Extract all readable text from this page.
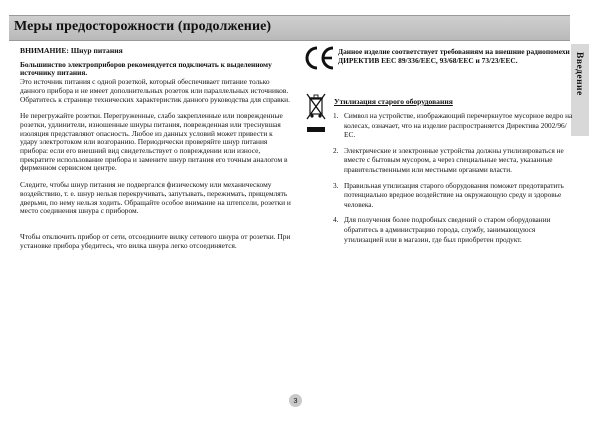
Меры предосторожности (продолжение)
Введение

ВНИМАНИЕ: Шнур питания

Большинство электроприборов рекомендуется подключать к выделенному источнику питания.

Это источник питания с одной розеткой, который обеспечивает питание только данного прибора и не имеет дополнительных розеток или параллельных источников. Обратитесь к странице технических характеристик данного руководства для справки.

Не перегружайте розетки. Перегруженные, слабо закрепленные или поврежденные розетки, удлинители, изношенные шнуры питания, поврежденная или треснувшая изоляция представляют опасность. Любое из данных условий может привести к удару электротоком или возгоранию. Периодически проверяйте шнур питания прибора: если его внешний вид свидетельствует о повреждении или износе, прекратите использование прибора и замените шнур питания его точным аналогом в фирменном сервисном центре.

Следите, чтобы шнур питания не подвергался физическому или механическому воздействию, т. е. шнур нельзя перекручивать, запутывать, пережимать, прищемлять дверьми, по нему нельзя ходить. Обращайте особое внимание на штепсели, розетки и место соединения шнура с прибором.

Чтобы отключить прибор от сети, отсоедините вилку сетевого шнура от розетки. При установке прибора убедитесь, что вилка шнура легко отсоединяется.

Данное изделие соответствует требованиям на внешние радиопомехи ДИРЕКТИВ ЕЕС 89/336/ЕЕС, 93/68/ЕЕС и 73/23/ЕЕС.
Утилизация старого оборудования
1. Символ на устройстве, изображающий перечеркнутое мусорное ведро на колесах, означает, что на изделие распространяется Директива 2002/96/ЕС.
2. Электрические и электронные устройства должны утилизироваться не вместе с бытовым мусором, а через специальные места, указанные правительственными или местными органами власти.
3. Правильная утилизация старого оборудования поможет предотвратить потенциально вредное воздействие на окружающую среду и здоровье человека.
4. Для получения более подробных сведений о старом оборудовании обратитесь в администрацию города, службу, занимающуюся утилизацией или в магазин, где был приобретен продукт.
3
